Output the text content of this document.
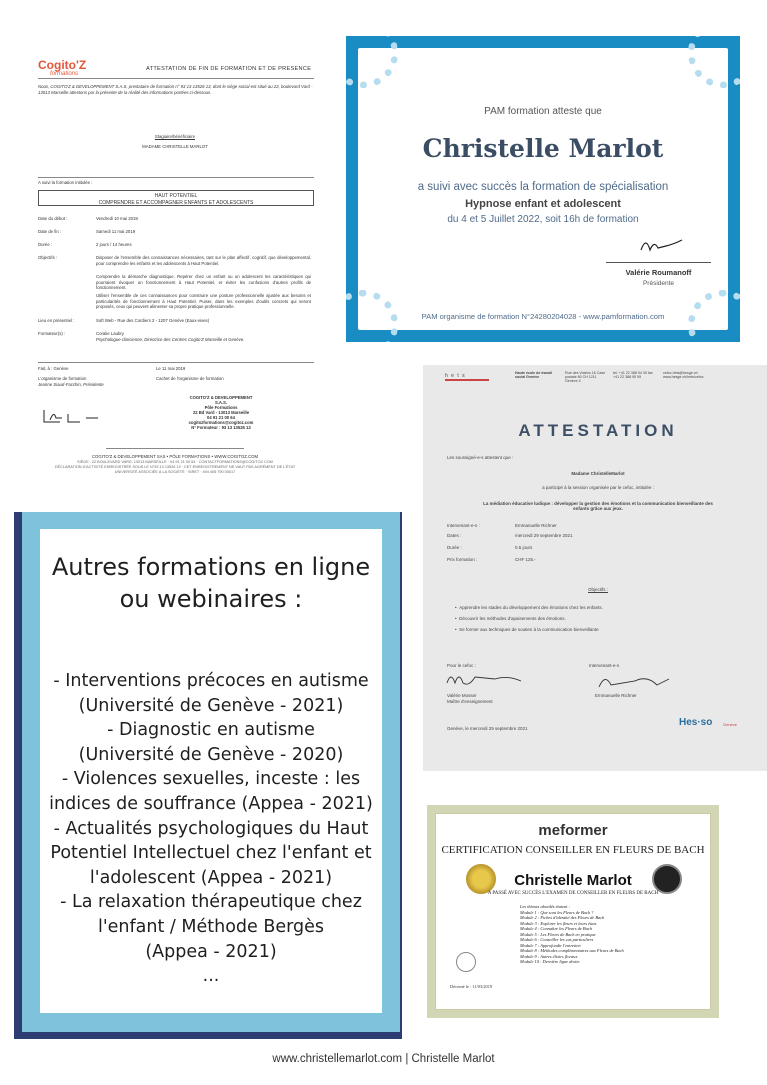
Cogito'Z
formations
ATTESTATION DE FIN DE FORMATION ET DE PRESENCE
Nous, COGITO'Z & DEVELOPPEMENT S.A.S, prestataire de formation n° 93 13 13526 13, dont le siège social est situé au 22, boulevard Vard - 13013 Marseille attestons par la présente de la réalité des informations portées ci-dessous.
Stagiaire/bénéficiaire
MADAME CHRISTELLE MARLOT
A suivi la formation intitulée :
HAUT POTENTIEL
COMPRENDRE ET ACCOMPAGNER ENFANTS ET ADOLESCENTS
Date du début :	Vendredi 10 mai 2019
Date de fin :	Samedi 11 mai 2019
Durée :	2 jours / 14 heures
Objectifs :	Disposer de l'ensemble des connaissances nécessaires, tant sur le plan affectif, cognitif, que développemental, pour comprendre les enfants et les adolescents à Haut Potentiel.
Comprendre la démarche diagnostique. Repérer chez un enfant ou un adolescent les caractéristiques qui pourraient évoquer un fonctionnement à Haut Potentiel, et éviter les confusions d'autres profils de fonctionnement.
Utiliser l'ensemble de ces connaissances pour construire une posture professionnelle ajustée aux besoins et particularités de fonctionnement à Haut Potentiel. Puiser, dans les exemples d'outils concrets qui seront proposés, ceux qui peuvent alimenter sa propre pratique professionnelle.
Lieu en présentiel :	Soft Web - Rue des Cordiers 2 - 1207 Genève (Eaux-vives)
Formateur(s) :	Coralie Laubry
Psychologue clinicienne, Directrice des Centres Cogito'Z Marseille et Genève.
Fait, à : Genève	Le 11 mai 2019
L'organisme de formation
Jeanne Siaud-Facchin, Présidente
Cachet de l'organisme de formation
COGITO'Z & DEVELOPPEMENT S.A.S.
Pôle Formations
22 Bd Vard - 13013 Marseille
04 91 21 00 64
cogitozformations@cogitoz.com
N° Formateur : 93 13 13526 13
COGITO'Z & DEVELOPPEMENT SAS • PÔLE FORMATIONS • WWW.COGITOZ.COM
SIÈGE : 22 BOULEVARD VARD, 13013 MARSEILLE · 04 91 21 00 64 · CONTACTFORMATIONS@COGITOZ.COM
DÉCLARATION D'ACTIVITÉ ENREGISTRÉE SOUS LE N°93 13 13526 13 · CET ENREGISTREMENT NE VAUT PAS AGRÉMENT DE L'ÉTAT
UNIVERSITÉ ASSOCIÉE À LA SOCIÉTÉ · SIRET · 494 405 790 00017
PAM formation atteste que
Christelle Marlot
a suivi avec succès la formation de spécialisation
Hypnose enfant et adolescent
du 4 et 5 Juillet 2022, soit 16h de formation
Valérie Roumanoff
Présidente
PAM organisme de formation N°24280204028 - www.pamformation.com
h e t s	Haute école de travail social Genève
Rue des Voisins 16 Case postale 80 CH 1211 Genève 4
tél. +41 22 388 94 30 fax +41 22 388 95 59
cefoc.hets@hesge.ch www.hesge.ch/hets/cefoc
ATTESTATION
Les soussigné-e-s attestent que :
Madame ChristelleMarlot
a participé à la session organisée par le cefoc, intitulée :
La médiation éducative ludique : développer la gestion des émotions et la communication bienveillante des enfants grâce aux jeux.
Intervenant-e-s :	Emmanuelle Richner
Dates :	mercredi 29 septembre 2021
Durée :	0.5 jours
Prix formation :	CHF 125.-
Objectifs :
•  Apprendre les stades du développement des émotions chez les enfants.
•  Découvrir les méthodes d'apaisements des émotions.
•  Se former aux techniques de soutien à la communication bienveillante
Pour le cefoc :	Intervenant-e-s
Valérie Mosser
Maître d'enseignement
Emmanuelle Richner
Genève, le mercredi 29 septembre 2021
Hes·so	Genève
meformer
CERTIFICATION CONSEILLER EN FLEURS DE BACH
Christelle Marlot
A PASSÉ AVEC SUCCÈS L'EXAMEN DE CONSEILLER EN FLEURS DE BACH
Les thèmes abordés étaient :
Module 1 : Que sont les Fleurs de Bach ?
Module 2 : Fiches d'identité des Fleurs de Bach
Module 3 : Explorer les fleurs et leurs états
Module 4 : Connaître les Fleurs de Bach
Module 5 : Les Fleurs de Bach en pratique
Module 6 : Conseiller les cas particuliers
Module 7 : Approfondir l'entretien
Module 8 : Méthodes complémentaires aux Fleurs de Bach
Module 9 : Autres élixirs floraux
Module 10 : Dernière ligne droite
Décerné le : 11/03/2019
Autres formations en ligne ou webinaires :
- Interventions précoces en autisme
(Université de Genève - 2021)
- Diagnostic en autisme
(Université de Genève - 2020)
- Violences sexuelles, inceste : les
indices de souffrance (Appea - 2021)
- Actualités psychologiques du Haut
Potentiel Intellectuel chez l'enfant et
l'adolescent (Appea - 2021)
- La relaxation thérapeutique chez
l'enfant / Méthode Bergès
(Appea - 2021)
...
www.christellemarlot.com | Christelle Marlot
